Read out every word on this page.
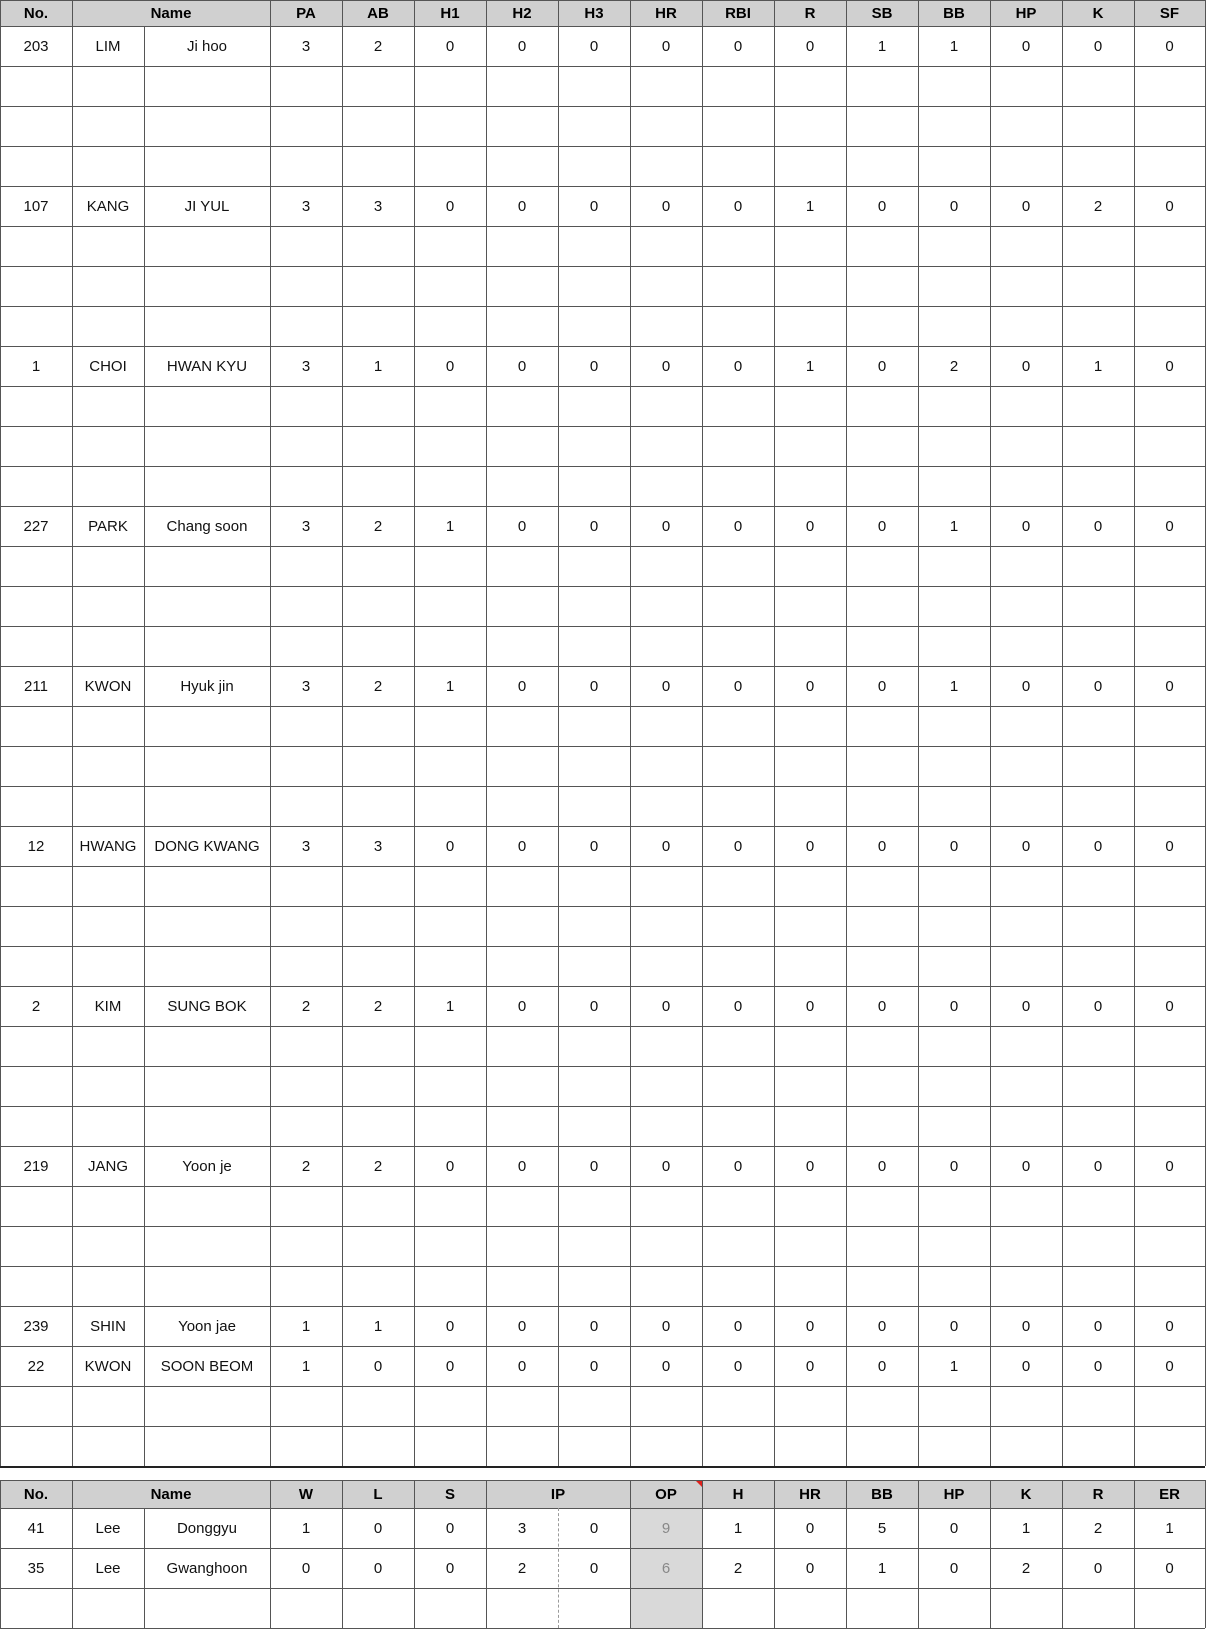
No.	Name	PA	AB	H1	H2	H3	HR	RBI	R	SB	BB	HP	K	SF
203	LIM	Ji hoo	3	2	0	0	0	0	0	0	1	1	0	0	0
107	KANG	JI YUL	3	3	0	0	0	0	0	1	0	0	0	2	0
1	CHOI	HWAN KYU	3	1	0	0	0	0	0	1	0	2	0	1	0
227	PARK	Chang soon	3	2	1	0	0	0	0	0	0	1	0	0	0
211	KWON	Hyuk jin	3	2	1	0	0	0	0	0	0	1	0	0	0
12	HWANG	DONG KWANG	3	3	0	0	0	0	0	0	0	0	0	0	0
2	KIM	SUNG BOK	2	2	1	0	0	0	0	0	0	0	0	0	0
219	JANG	Yoon je	2	2	0	0	0	0	0	0	0	0	0	0	0
239	SHIN	Yoon jae	1	1	0	0	0	0	0	0	0	0	0	0	0
22	KWON	SOON BEOM	1	0	0	0	0	0	0	0	0	1	0	0	0
No.	Name	W	L	S	IP	OP	H	HR	BB	HP	K	R	ER
41	Lee	Donggyu	1	0	0	3	0	9	1	0	5	0	1	2	1
35	Lee	Gwanghoon	0	0	0	2	0	6	2	0	1	0	2	0	0
